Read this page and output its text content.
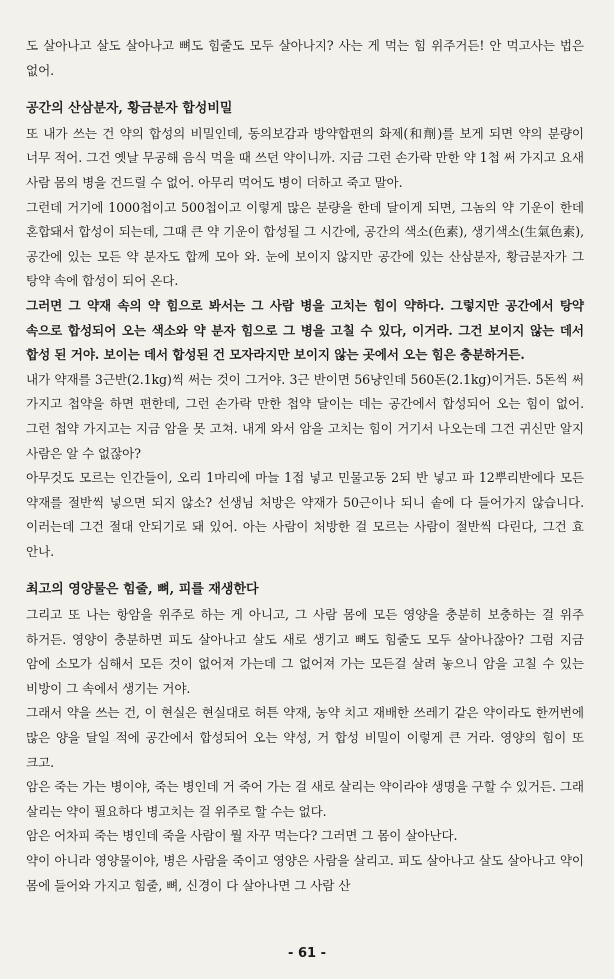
도 살아나고 살도 살아나고 뼈도 힘줄도 모두 살아나지? 사는 게 먹는 힘 위주거든! 안 먹고사는 법은 없어.

공간의 산삼분자, 황금분자 합성비밀

또 내가 쓰는 건 약의 합성의 비밀인데, 동의보감과 방약합편의 화제(和劑)를 보게 되면 약의 분량이 너무 적어. 그건 옛날 무공해 음식 먹을 때 쓰던 약이니까. 지금 그런 손가락 만한 약 1첩 써 가지고 요새 사람 몸의 병을 건드릴 수 없어. 아무리 먹어도 병이 더하고 죽고 말아.

그런데 거기에 1000첩이고 500첩이고 이렇게 많은 분량을 한데 달이게 되면, 그놈의 약 기운이 한데 혼합돼서 합성이 되는데, 그때 큰 약 기운이 합성될 그 시간에, 공간의 색소(色素), 생기색소(生氣色素), 공간에 있는 모든 약 분자도 합께 모아 와. 눈에 보이지 않지만 공간에 있는 산삼분자, 황금분자가 그 탕약 속에 합성이 되어 온다.

그러면 그 약재 속의 약 힘으로 봐서는 그 사람 병을 고치는 힘이 약하다. 그렇지만 공간에서 탕약 속으로 합성되어 오는 색소와 약 분자 힘으로 그 병을 고칠 수 있다, 이거라. 그건 보이지 않는 데서 합성 된 거야. 보이는 데서 합성된 건 모자라지만 보이지 않는 곳에서 오는 힘은 충분하거든.

내가 약재를 3근반(2.1kg)씩 써는 것이 그거야. 3근 반이면 56냥인데 560돈(2.1kg)이거든. 5돈씩 써 가지고 첩약을 하면 편한데, 그런 손가락 만한 첩약 달이는 데는 공간에서 합성되어 오는 힘이 없어. 그런 첩약 가지고는 지금 암을 못 고쳐. 내게 와서 암을 고치는 힘이 거기서 나오는데 그건 귀신만 알지 사람은 알 수 없잖아?

아무것도 모르는 인간들이, 오리 1마리에 마늘 1접 넣고 민물고동 2되 반 넣고 파 12뿌리반에다 모든 약재를 절반씩 넣으면 되지 않소? 선생님 처방은 약재가 50근이나 되니 솥에 다 들어가지 않습니다. 이러는데 그건 절대 안되기로 돼 있어. 아는 사람이 처방한 걸 모르는 사람이 절반씩 다린다, 그건 효 안나.

최고의 영양물은 힘줄, 뼈, 피를 재생한다

그리고 또 나는 항암을 위주로 하는 게 아니고, 그 사람 몸에 모든 영양을 충분히 보충하는 걸 위주 하거든. 영양이 충분하면 피도 살아나고 살도 새로 생기고 뼈도 힘줄도 모두 살아나잖아? 그럼 지금 암에 소모가 심해서 모든 것이 없어져 가는데 그 없어져 가는 모든걸 살려 놓으니 암을 고칠 수 있는 비방이 그 속에서 생기는 거야.

그래서 약을 쓰는 건, 이 현실은 현실대로 허튼 약재, 농약 치고 재배한 쓰레기 같은 약이라도 한꺼번에 많은 양을 달일 적에 공간에서 합성되어 오는 약성, 거 합성 비밀이 이렇게 큰 거라. 영양의 힘이 또 크고.

암은 죽는 가는 병이야, 죽는 병인데 거 죽어 가는 걸 새로 살리는 약이라야 생명을 구할 수 있거든. 그래 살리는 약이 필요하다 병고치는 걸 위주로 할 수는 없다.

암은 어차피 죽는 병인데 죽을 사람이 뭘 자꾸 먹는다? 그러면 그 몸이 살아난다.

약이 아니라 영양물이야, 병은 사람을 죽이고 영양은 사람을 살리고. 피도 살아나고 살도 살아나고 약이 몸에 들어와 가지고 힘줄, 뼈, 신경이 다 살아나면 그 사람 산

- 61 -
